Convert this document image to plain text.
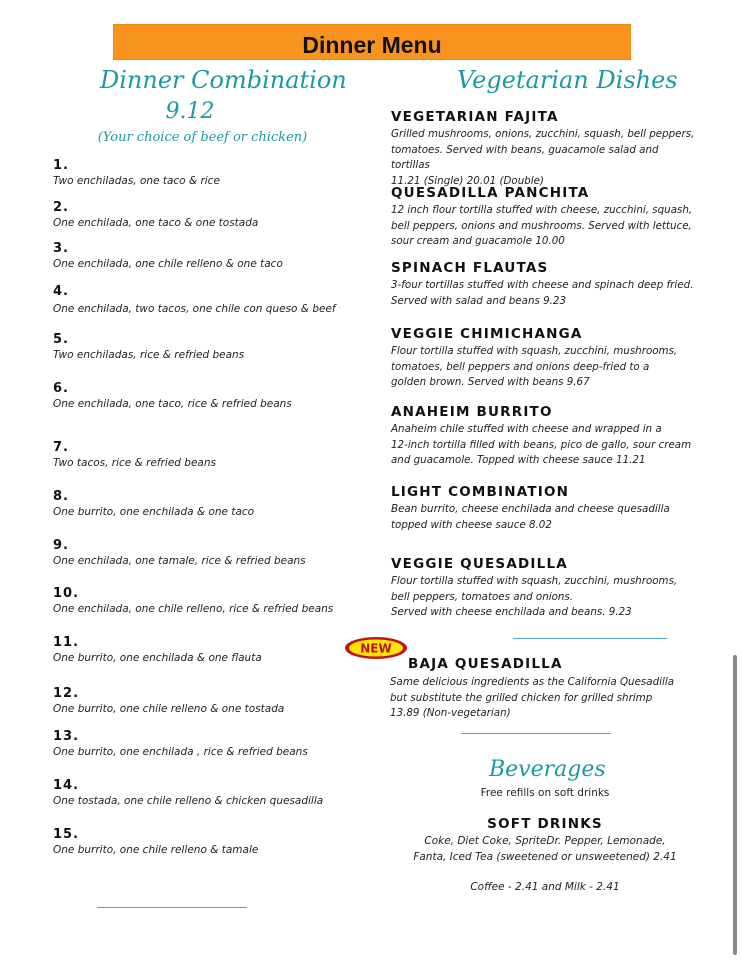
Dinner Menu
Dinner Combination
9.12
(Your choice of beef or chicken)
1.
Two enchiladas, one taco & rice
2.
One enchilada, one taco & one tostada
3.
One enchilada, one chile relleno & one taco
4.
One enchilada, two tacos, one chile con queso & beef
5.
Two enchiladas, rice & refried beans
6.
One enchilada, one taco, rice & refried beans
7.
Two tacos, rice & refried beans
8.
One burrito, one enchilada & one taco
9.
One enchilada, one tamale, rice & refried beans
10.
One enchilada, one chile relleno, rice & refried beans
11.
One burrito, one enchilada & one flauta
12.
One burrito, one chile relleno & one tostada
13.
One burrito, one enchilada , rice & refried beans
14.
One tostada, one chile relleno & chicken quesadilla
15.
One burrito, one chile relleno & tamale
Vegetarian Dishes
VEGETARIAN FAJITA
Grilled mushrooms, onions, zucchini, squash, bell peppers,
tomatoes. Served with beans, guacamole salad and tortillas
11.21 (Single) 20.01 (Double)
QUESADILLA PANCHITA
12 inch flour tortilla stuffed with cheese, zucchini, squash,
bell peppers, onions and mushrooms. Served with lettuce,
sour cream and guacamole 10.00
SPINACH FLAUTAS
3-four tortillas stuffed with cheese and spinach deep fried.
Served with salad and beans 9.23
VEGGIE CHIMICHANGA
Flour tortilla stuffed with squash, zucchini, mushrooms,
tomatoes, bell peppers and onions deep-fried to a
golden brown. Served with beans 9.67
ANAHEIM BURRITO
Anaheim chile stuffed with cheese and wrapped in a
12-inch tortilla filled with beans, pico de gallo, sour cream
and guacamole. Topped with cheese sauce 11.21
LIGHT COMBINATION
Bean burrito, cheese enchilada and cheese quesadilla
topped with cheese sauce 8.02
VEGGIE QUESADILLA
Flour tortilla stuffed with squash, zucchini, mushrooms,
bell peppers, tomatoes and onions.
Served with cheese enchilada and beans. 9.23
NEW
BAJA QUESADILLA
Same delicious ingredients as the California Quesadilla
but substitute the grilled chicken for grilled shrimp
13.89 (Non-vegetarian)
Beverages
Free refills on soft drinks
SOFT DRINKS
Coke, Diet Coke, SpriteDr. Pepper, Lemonade,
Fanta, Iced Tea (sweetened or unsweetened) 2.41
Coffee - 2.41 and Milk - 2.41
